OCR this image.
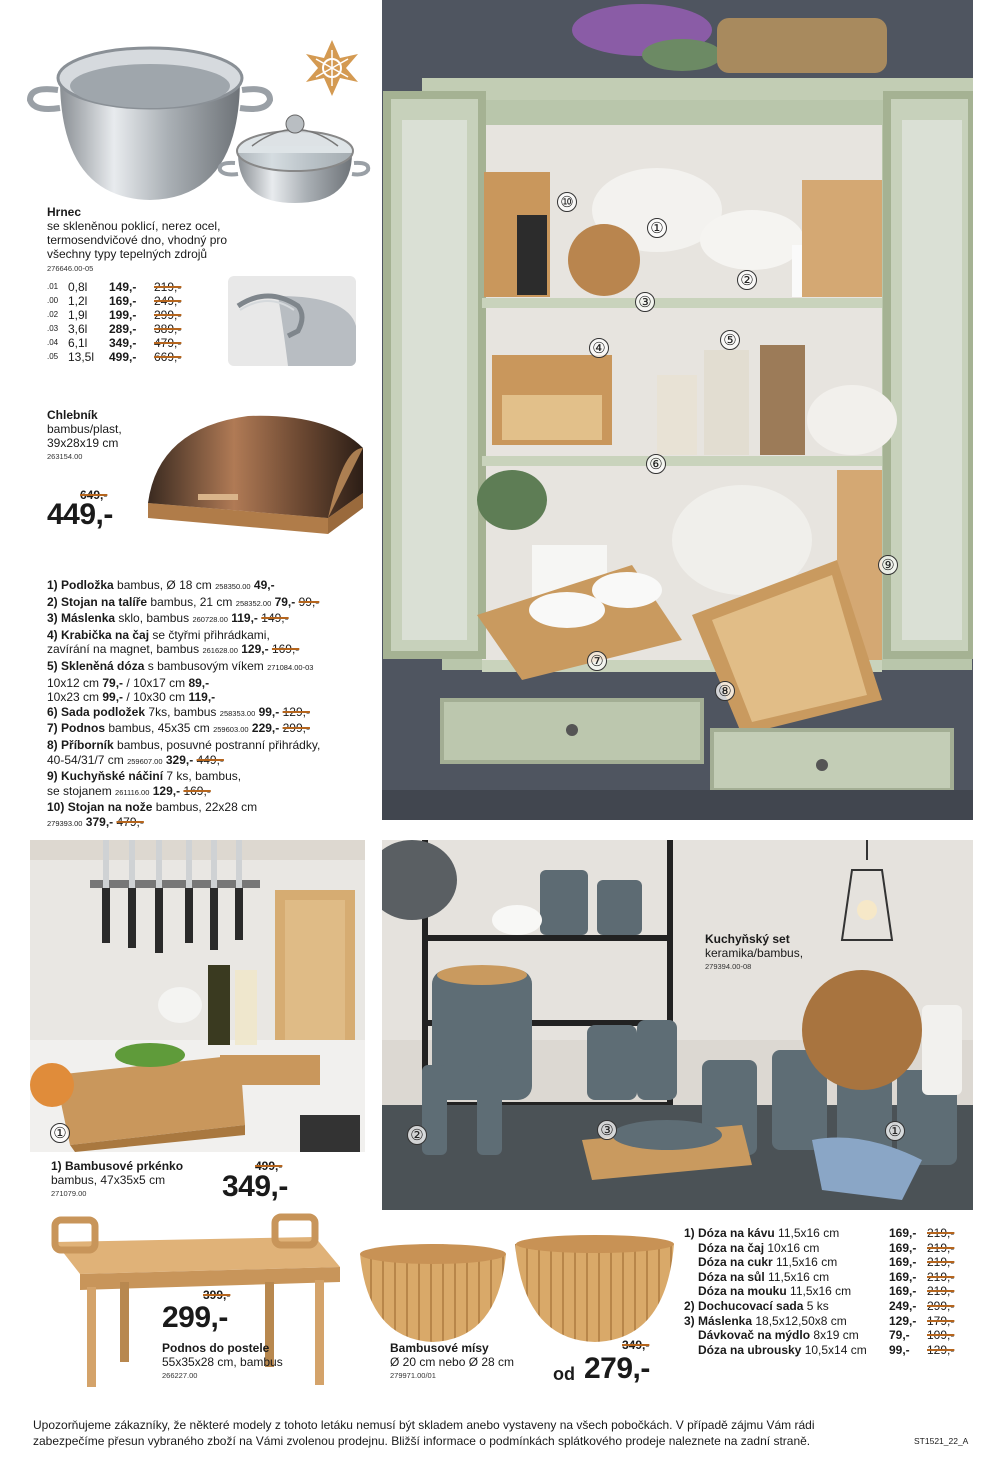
Hrnec
se skleněnou poklicí, nerez ocel,
termosendvičové dno, vhodný pro
všechny typy tepelných zdrojů
276646.00-05
.01	0,8l	149,-	219,-
.00	1,2l	169,-	249,-
.02	1,9l	199,-	299,-
.03	3,6l	289,-	389,-
.04	6,1l	349,-	479,-
.05	13,5l	499,-	669,-
Chlebník
bambus/plast,
39x28x19 cm
263154.00
649,-
449,-
⑩
①
②
③
④	⑤
⑥
⑦
⑧
⑨
1) Podložka bambus, Ø 18 cm 258350.00 49,-
2) Stojan na talíře bambus, 21 cm 258352.00 79,- 99,-
3) Máslenka sklo, bambus 260728.00 119,- 149,-
4) Krabička na čaj se čtyřmi přihrádkami,
zavírání na magnet, bambus 261628.00 129,- 169,-
5) Skleněná dóza s bambusovým víkem 271084.00-03
10x12 cm 79,- / 10x17 cm 89,-
10x23 cm 99,- / 10x30 cm 119,-
6) Sada podložek 7ks, bambus 258353.00 99,- 129,-
7) Podnos bambus, 45x35 cm 259603.00 229,- 299,-
8) Příborník bambus, posuvné postranní přihrádky,
40-54/31/7 cm 259607.00 329,- 449,-
9) Kuchyňské náčiní 7 ks, bambus,
se stojanem 261116.00 129,- 169,-
10) Stojan na nože bambus, 22x28 cm
279393.00 379,- 479,-
①
1) Bambusové prkénko
bambus, 47x35x5 cm
271079.00
499,-
349,-
②	③	①
Kuchyňský set
keramika/bambus,
279394.00-08
399,-
299,-
Podnos do postele
55x35x28 cm, bambus
266227.00
Bambusové mísy
Ø 20 cm nebo Ø 28 cm
279971.00/01
349,-
od 279,-
1) Dóza na kávu 11,5x16 cm	169,- 219,-
Dóza na čaj 10x16 cm	169,- 219,-
Dóza na cukr 11,5x16 cm	169,- 219,-
Dóza na sůl 11,5x16 cm	169,- 219,-
Dóza na mouku 11,5x16 cm	169,- 219,-
2) Dochucovací sada 5 ks	249,- 299,-
3) Máslenka 18,5x12,50x8 cm	129,- 179,-
Dávkovač na mýdlo 8x19 cm	79,-	109,-
Dóza na ubrousky 10,5x14 cm	99,-	129,-
Upozorňujeme zákazníky, že některé modely z tohoto letáku nemusí být skladem anebo vystaveny na všech pobočkách. V případě zájmu Vám rádi
zabezpečíme přesun vybraného zboží na Vámi zvolenou prodejnu. Bližší informace o podmínkách splátkového prodeje naleznete na zadní straně.	ST1521_22_A
